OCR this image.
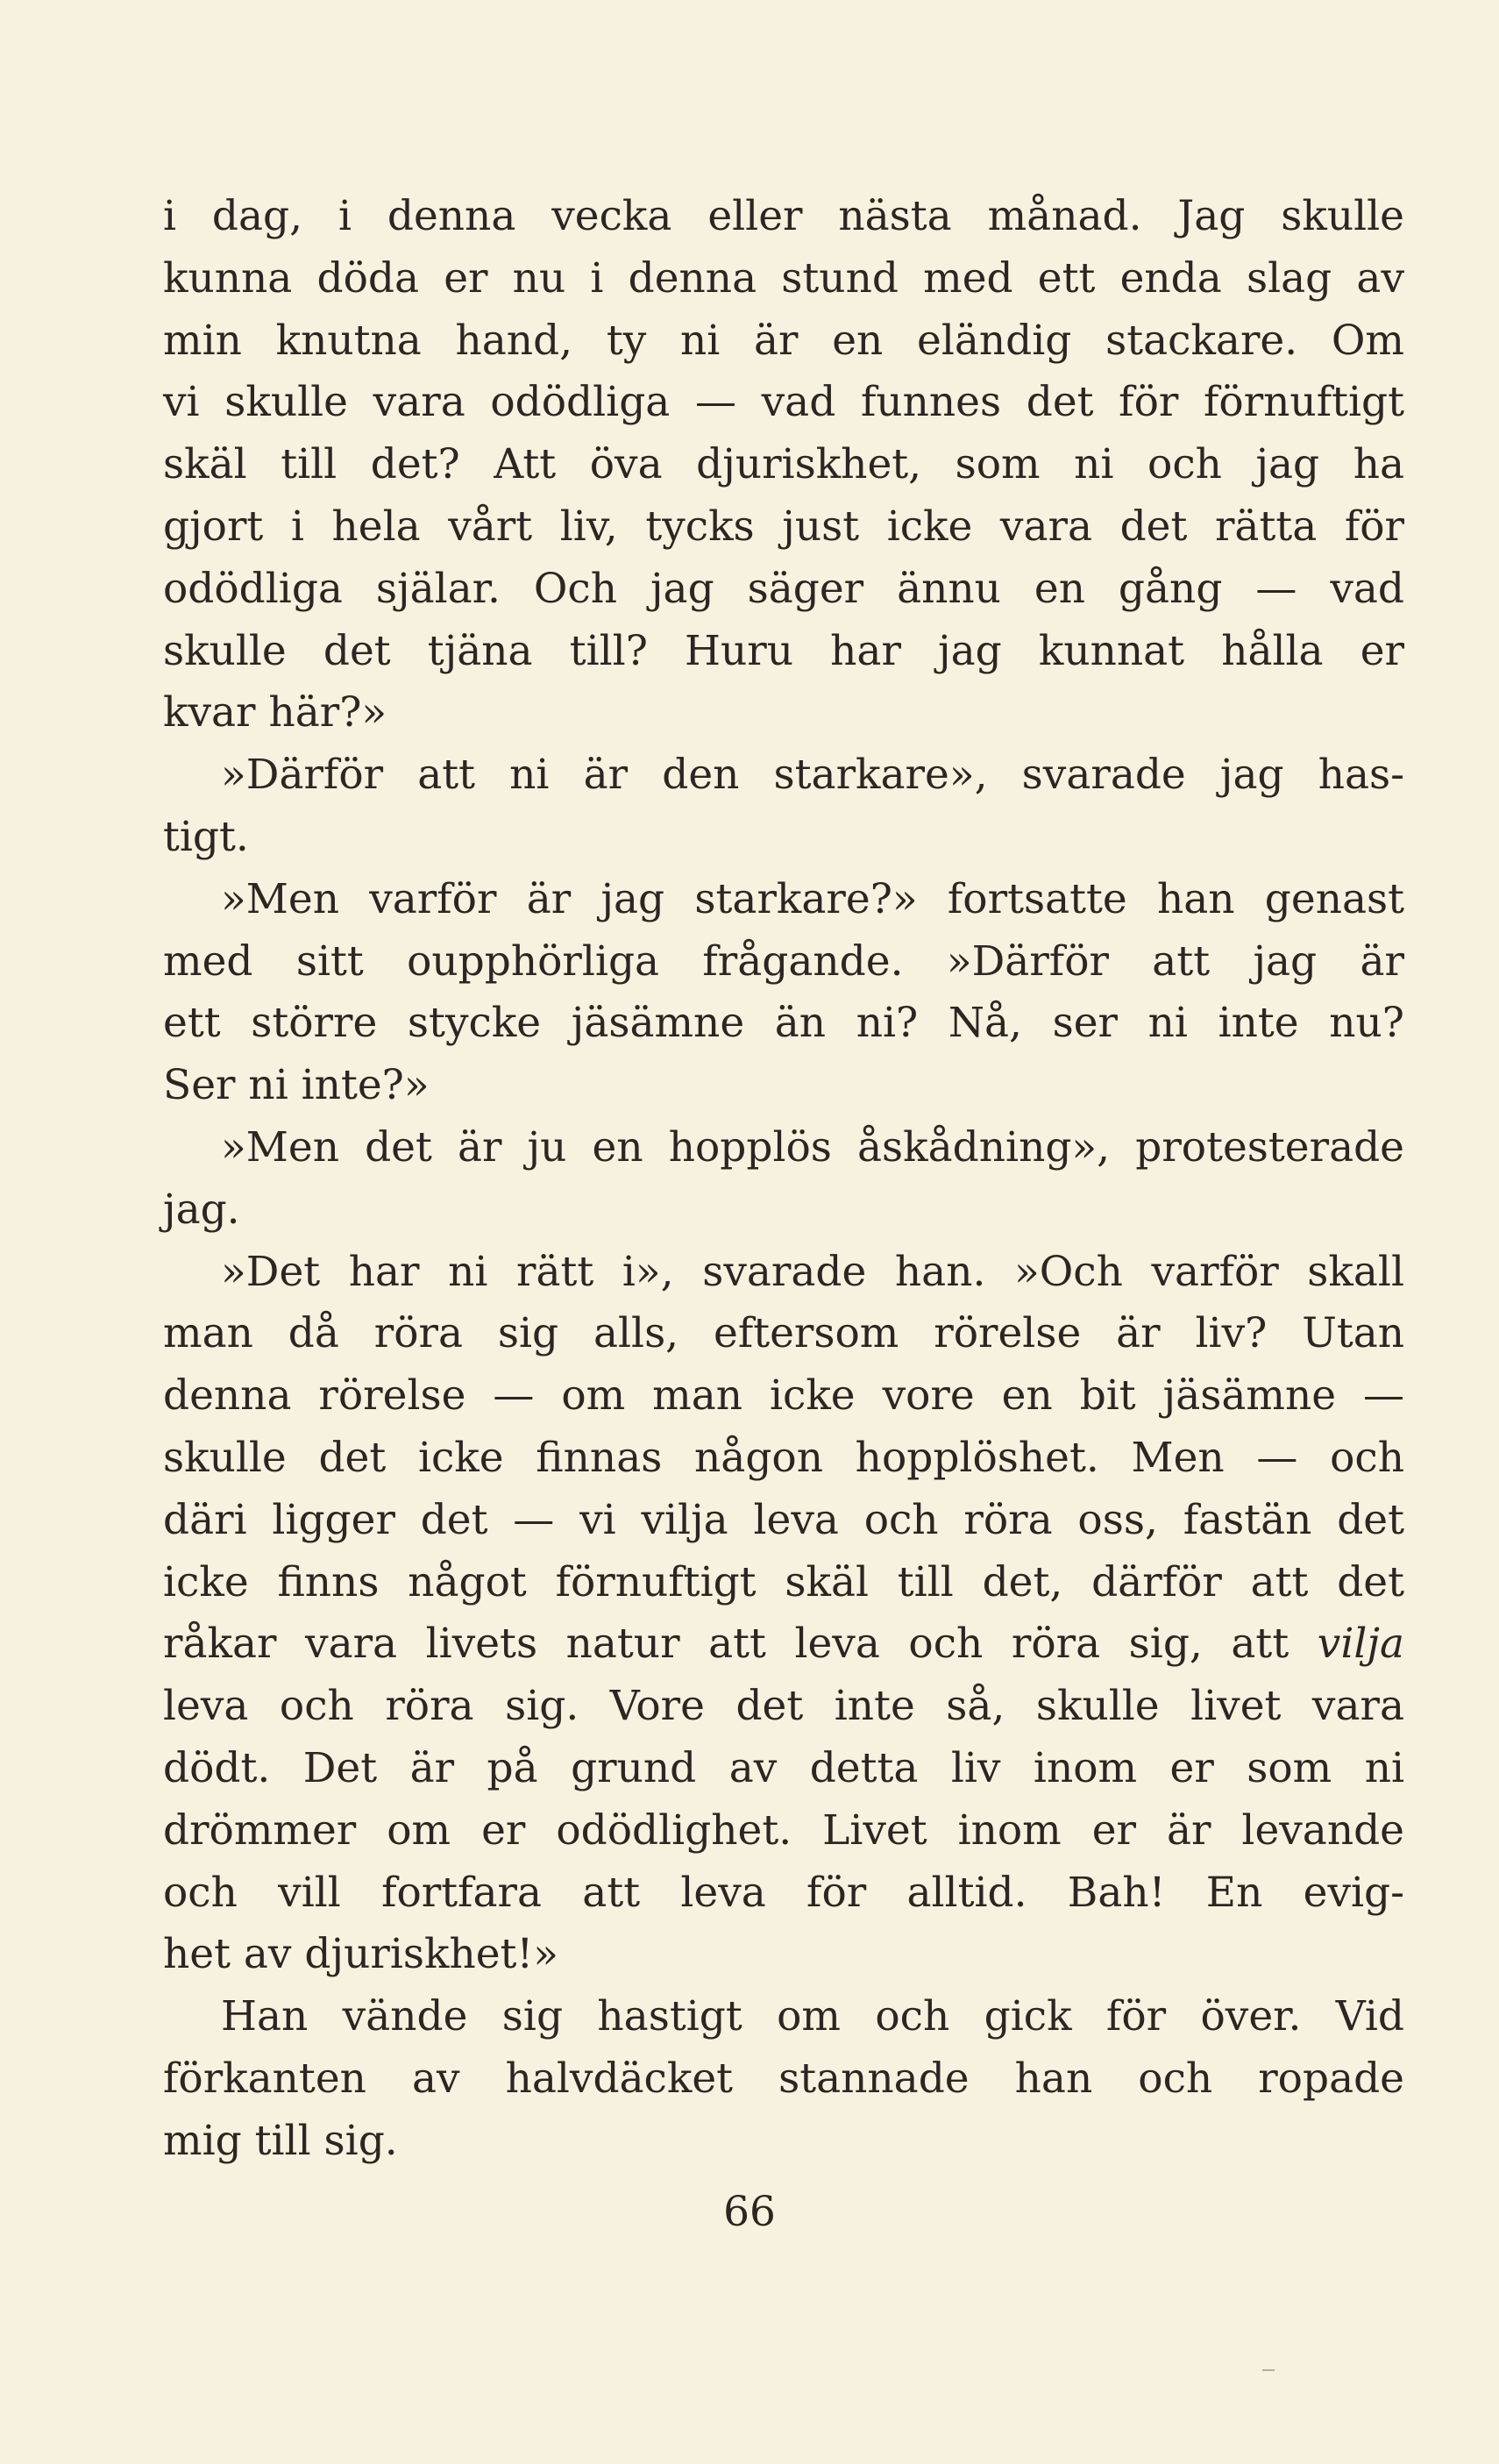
i dag, i denna vecka eller nästa månad. Jag skulle
kunna döda er nu i denna stund med ett enda slag av
min knutna hand, ty ni är en eländig stackare. Om
vi skulle vara odödliga — vad funnes det för förnuftigt
skäl till det? Att öva djuriskhet, som ni och jag ha
gjort i hela vårt liv, tycks just icke vara det rätta för
odödliga själar. Och jag säger ännu en gång — vad
skulle det tjäna till? Huru har jag kunnat hålla er
kvar här?»
»Därför att ni är den starkare», svarade jag has-
tigt.
»Men varför är jag starkare?» fortsatte han genast
med sitt oupphörliga frågande. »Därför att jag är
ett större stycke jäsämne än ni? Nå, ser ni inte nu?
Ser ni inte?»
»Men det är ju en hopplös åskådning», protesterade
jag.
»Det har ni rätt i», svarade han. »Och varför skall
man då röra sig alls, eftersom rörelse är liv? Utan
denna rörelse — om man icke vore en bit jäsämne —
skulle det icke finnas någon hopplöshet. Men — och
däri ligger det — vi vilja leva och röra oss, fastän det
icke finns något förnuftigt skäl till det, därför att det
råkar vara livets natur att leva och röra sig, att vilja
leva och röra sig. Vore det inte så, skulle livet vara
dödt. Det är på grund av detta liv inom er som ni
drömmer om er odödlighet. Livet inom er är levande
och vill fortfara att leva för alltid. Bah! En evig-
het av djuriskhet!»
Han vände sig hastigt om och gick för över. Vid
förkanten av halvdäcket stannade han och ropade
mig till sig.
66
